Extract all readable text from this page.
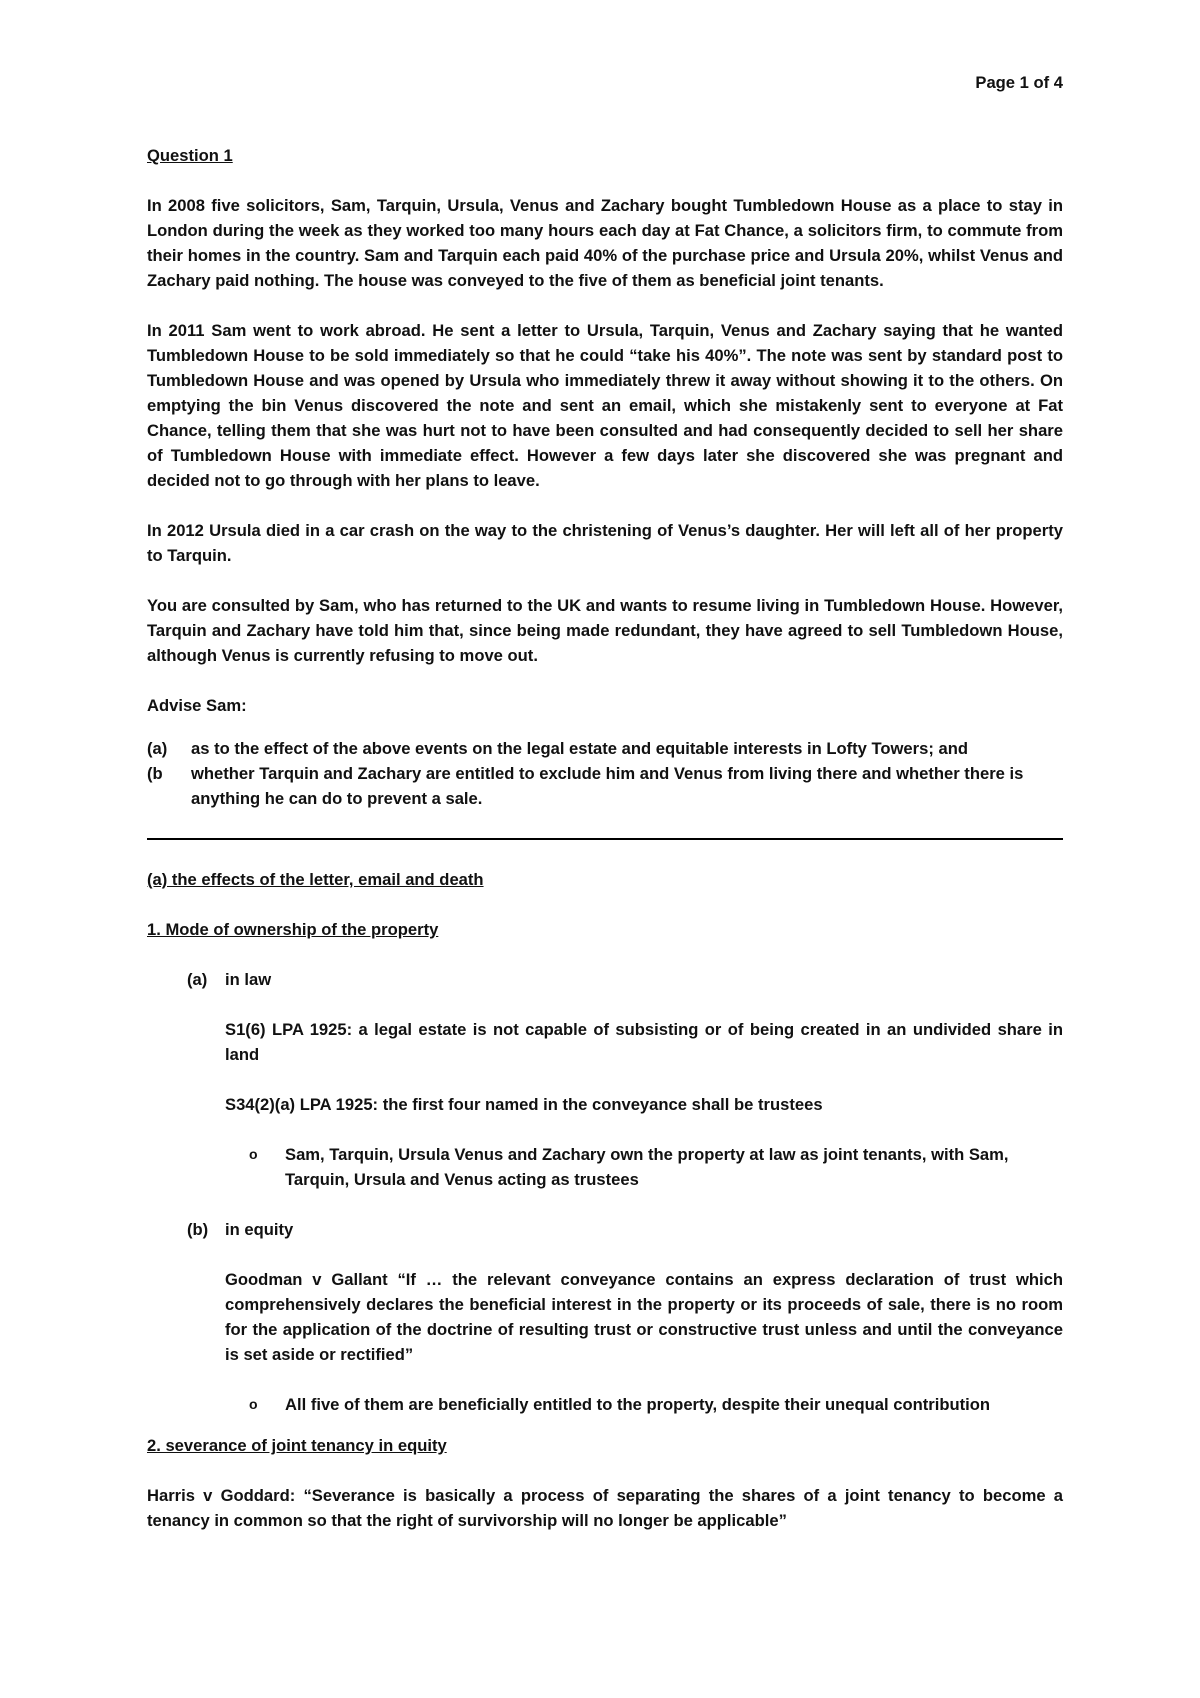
Page 1 of 4

Question 1

In 2008 five solicitors, Sam, Tarquin, Ursula, Venus and Zachary bought Tumbledown House as a place to stay in London during the week as they worked too many hours each day at Fat Chance, a solicitors firm, to commute from their homes in the country. Sam and Tarquin each paid 40% of the purchase price and Ursula 20%, whilst Venus and Zachary paid nothing. The house was conveyed to the five of them as beneficial joint tenants.

In 2011 Sam went to work abroad. He sent a letter to Ursula, Tarquin, Venus and Zachary saying that he wanted Tumbledown House to be sold immediately so that he could “take his 40%”. The note was sent by standard post to Tumbledown House and was opened by Ursula who immediately threw it away without showing it to the others. On emptying the bin Venus discovered the note and sent an email, which she mistakenly sent to everyone at Fat Chance, telling them that she was hurt not to have been consulted and had consequently decided to sell her share of Tumbledown House with immediate effect. However a few days later she discovered she was pregnant and decided not to go through with her plans to leave.

In 2012 Ursula died in a car crash on the way to the christening of Venus’s daughter. Her will left all of her property to Tarquin.

You are consulted by Sam, who has returned to the UK and wants to resume living in Tumbledown House. However, Tarquin and Zachary have told him that, since being made redundant, they have agreed to sell Tumbledown House, although Venus is currently refusing to move out.

Advise Sam:

(a)	as to the effect of the above events on the legal estate and equitable interests in Lofty Towers; and
(b	whether Tarquin and Zachary are entitled to exclude him and Venus from living there and whether there is anything he can do to prevent a sale.

(a) the effects of the letter, email and death

1. Mode of ownership of the property

(a)	in law

S1(6) LPA 1925: a legal estate is not capable of subsisting or of being created in an undivided share in land

S34(2)(a) LPA 1925: the first four named in the conveyance shall be trustees

o	Sam, Tarquin, Ursula Venus and Zachary own the property at law as joint tenants, with Sam, Tarquin, Ursula and Venus acting as trustees
(b)	in equity

Goodman v Gallant “If … the relevant conveyance contains an express declaration of trust which comprehensively declares the beneficial interest in the property or its proceeds of sale, there is no room for the application of the doctrine of resulting trust or constructive trust unless and until the conveyance is set aside or rectified”

o	All five of them are beneficially entitled to the property, despite their unequal contribution

2. severance of joint tenancy in equity

Harris v Goddard: “Severance is basically a process of separating the shares of a joint tenancy to become a tenancy in common so that the right of survivorship will no longer be applicable”
